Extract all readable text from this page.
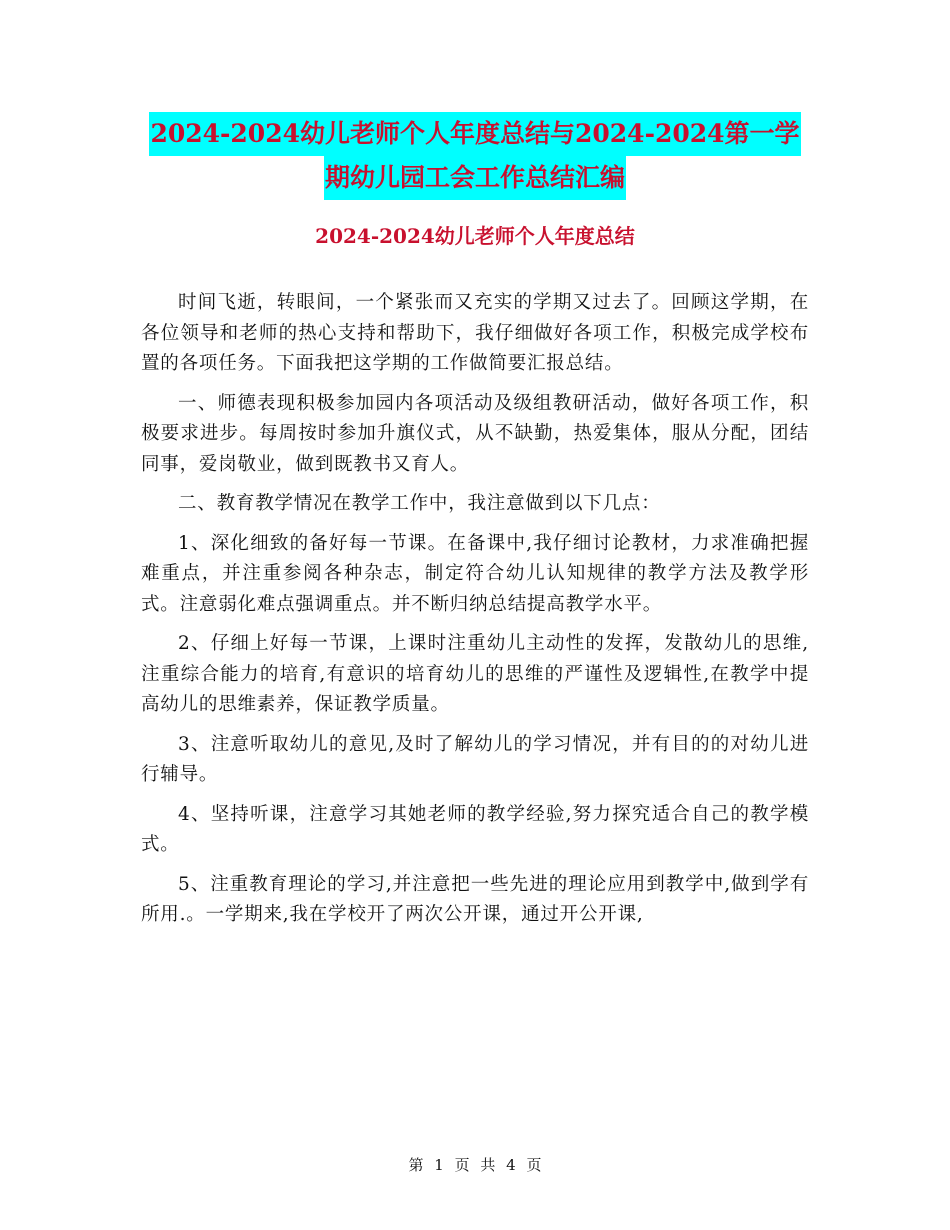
2024-2024幼儿老师个人年度总结与2024-2024第一学
期幼儿园工会工作总结汇编
2024-2024幼儿老师个人年度总结

时间飞逝，转眼间，一个紧张而又充实的学期又过去了。回顾这学期，在各位领导和老师的热心支持和帮助下，我仔细做好各项工作，积极完成学校布置的各项任务。下面我把这学期的工作做简要汇报总结。

一、师德表现积极参加园内各项活动及级组教研活动，做好各项工作，积极要求进步。每周按时参加升旗仪式，从不缺勤，热爱集体，服从分配，团结同事，爱岗敬业，做到既教书又育人。

二、教育教学情况在教学工作中，我注意做到以下几点：

1、深化细致的备好每一节课。在备课中,我仔细讨论教材，力求准确把握难重点，并注重参阅各种杂志，制定符合幼儿认知规律的教学方法及教学形式。注意弱化难点强调重点。并不断归纳总结提高教学水平。

2、仔细上好每一节课，上课时注重幼儿主动性的发挥，发散幼儿的思维,注重综合能力的培育,有意识的培育幼儿的思维的严谨性及逻辑性,在教学中提高幼儿的思维素养，保证教学质量。

3、注意听取幼儿的意见,及时了解幼儿的学习情况，并有目的的对幼儿进行辅导。

4、坚持听课，注意学习其她老师的教学经验,努力探究适合自己的教学模式。

5、注重教育理论的学习,并注意把一些先进的理论应用到教学中,做到学有所用.。一学期来,我在学校开了两次公开课，通过开公开课,

第 1 页 共 4 页
